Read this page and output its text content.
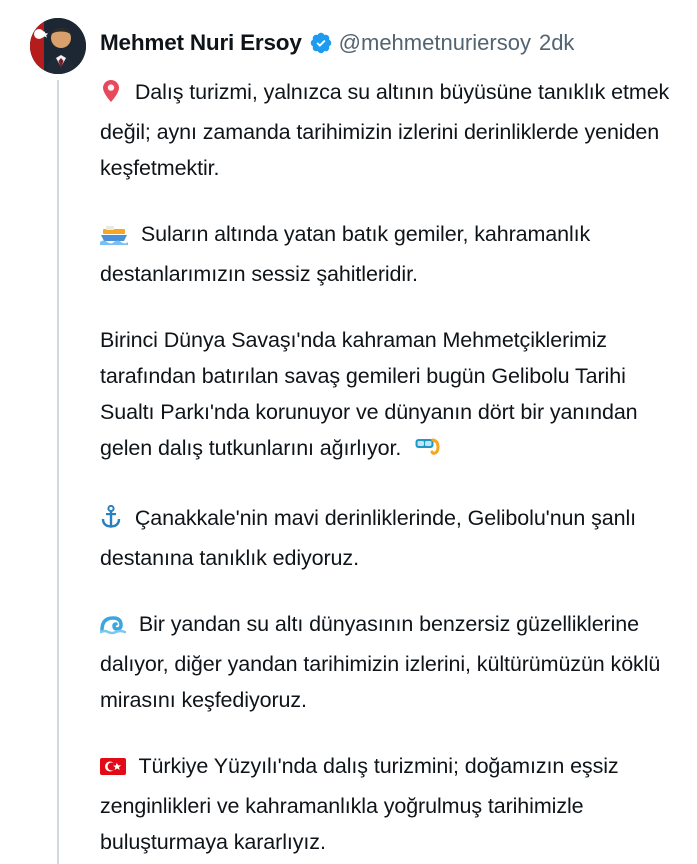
Mehmet Nuri Ersoy @mehmetnuriersoy 2dk

Dalış turizmi, yalnızca su altının büyüsüne tanıklık etmek değil; aynı zamanda tarihimizin izlerini derinliklerde yeniden keşfetmektir.

Suların altında yatan batık gemiler, kahramanlık destanlarımızın sessiz şahitleridir.

Birinci Dünya Savaşı'nda kahraman Mehmetçiklerimiz tarafından batırılan savaş gemileri bugün Gelibolu Tarihi Sualtı Parkı'nda korunuyor ve dünyanın dört bir yanından gelen dalış tutkunlarını ağırlıyor.

Çanakkale'nin mavi derinliklerinde, Gelibolu'nun şanlı destanına tanıklık ediyoruz.

Bir yandan su altı dünyasının benzersiz güzelliklerine dalıyor, diğer yandan tarihimizin izlerini, kültürümüzün köklü mirasını keşfediyoruz.

Türkiye Yüzyılı'nda dalış turizmini; doğamızın eşsiz zenginlikleri ve kahramanlıkla yoğrulmuş tarihimizle buluşturmaya kararlıyız.
